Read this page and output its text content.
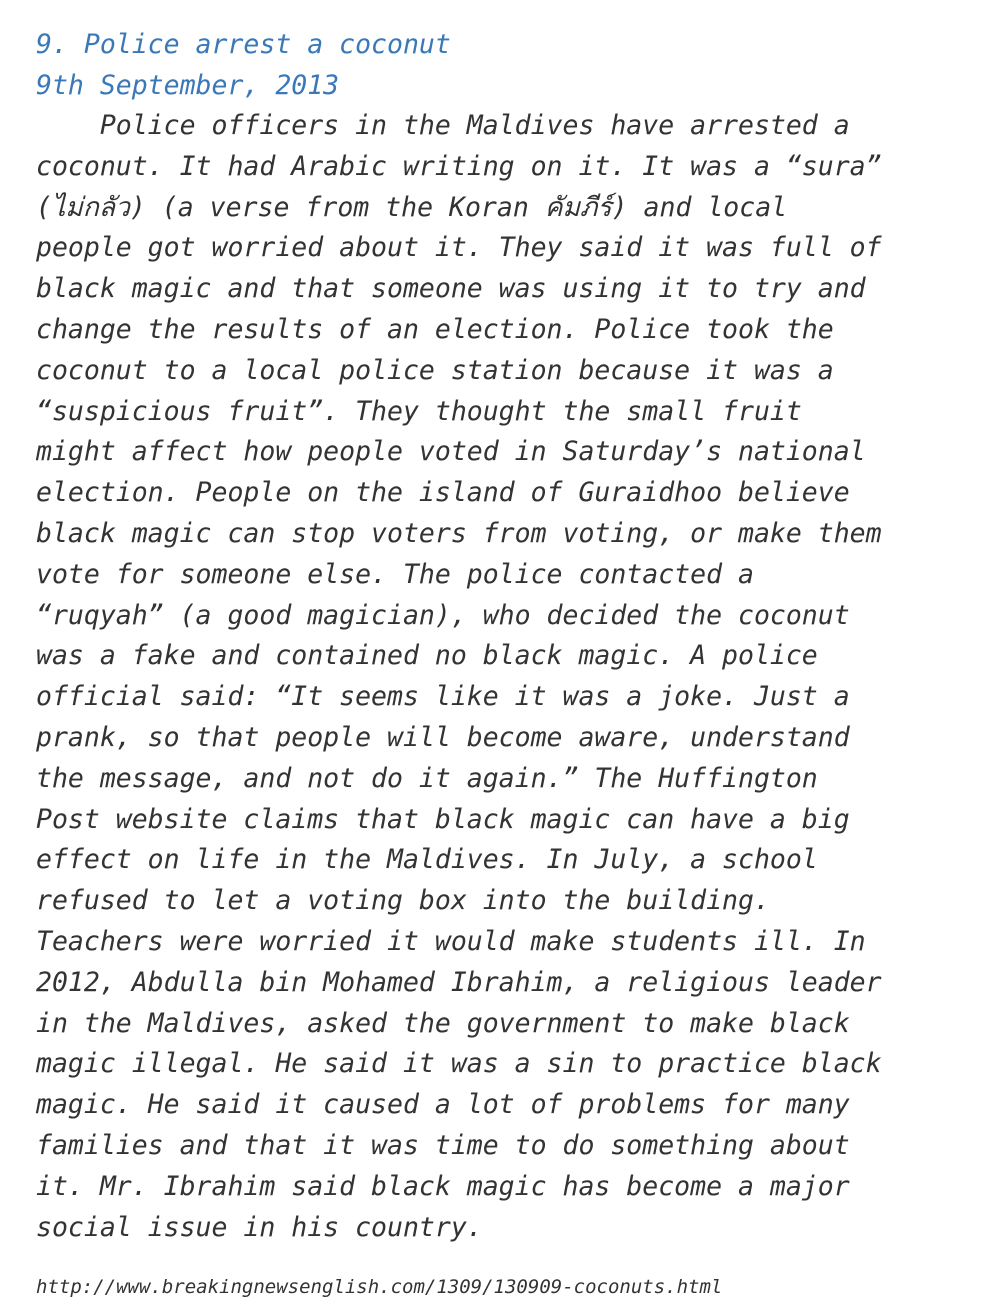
9. Police arrest a coconut
9th September, 2013
Police officers in the Maldives have arrested a
coconut. It had Arabic writing on it. It was a “sura”
(ไม่กลัว) (a verse from the Koran คัมภีร์) and local
people got worried about it. They said it was full of
black magic and that someone was using it to try and
change the results of an election. Police took the
coconut to a local police station because it was a
“suspicious fruit”. They thought the small fruit
might affect how people voted in Saturday’s national
election. People on the island of Guraidhoo believe
black magic can stop voters from voting, or make them
vote for someone else. The police contacted a
“ruqyah” (a good magician), who decided the coconut
was a fake and contained no black magic. A police
official said: “It seems like it was a joke. Just a
prank, so that people will become aware, understand
the message, and not do it again.” The Huffington
Post website claims that black magic can have a big
effect on life in the Maldives. In July, a school
refused to let a voting box into the building.
Teachers were worried it would make students ill. In
2012, Abdulla bin Mohamed Ibrahim, a religious leader
in the Maldives, asked the government to make black
magic illegal. He said it was a sin to practice black
magic. He said it caused a lot of problems for many
families and that it was time to do something about
it. Mr. Ibrahim said black magic has become a major
social issue in his country.
http://www.breakingnewsenglish.com/1309/130909-coconuts.html
